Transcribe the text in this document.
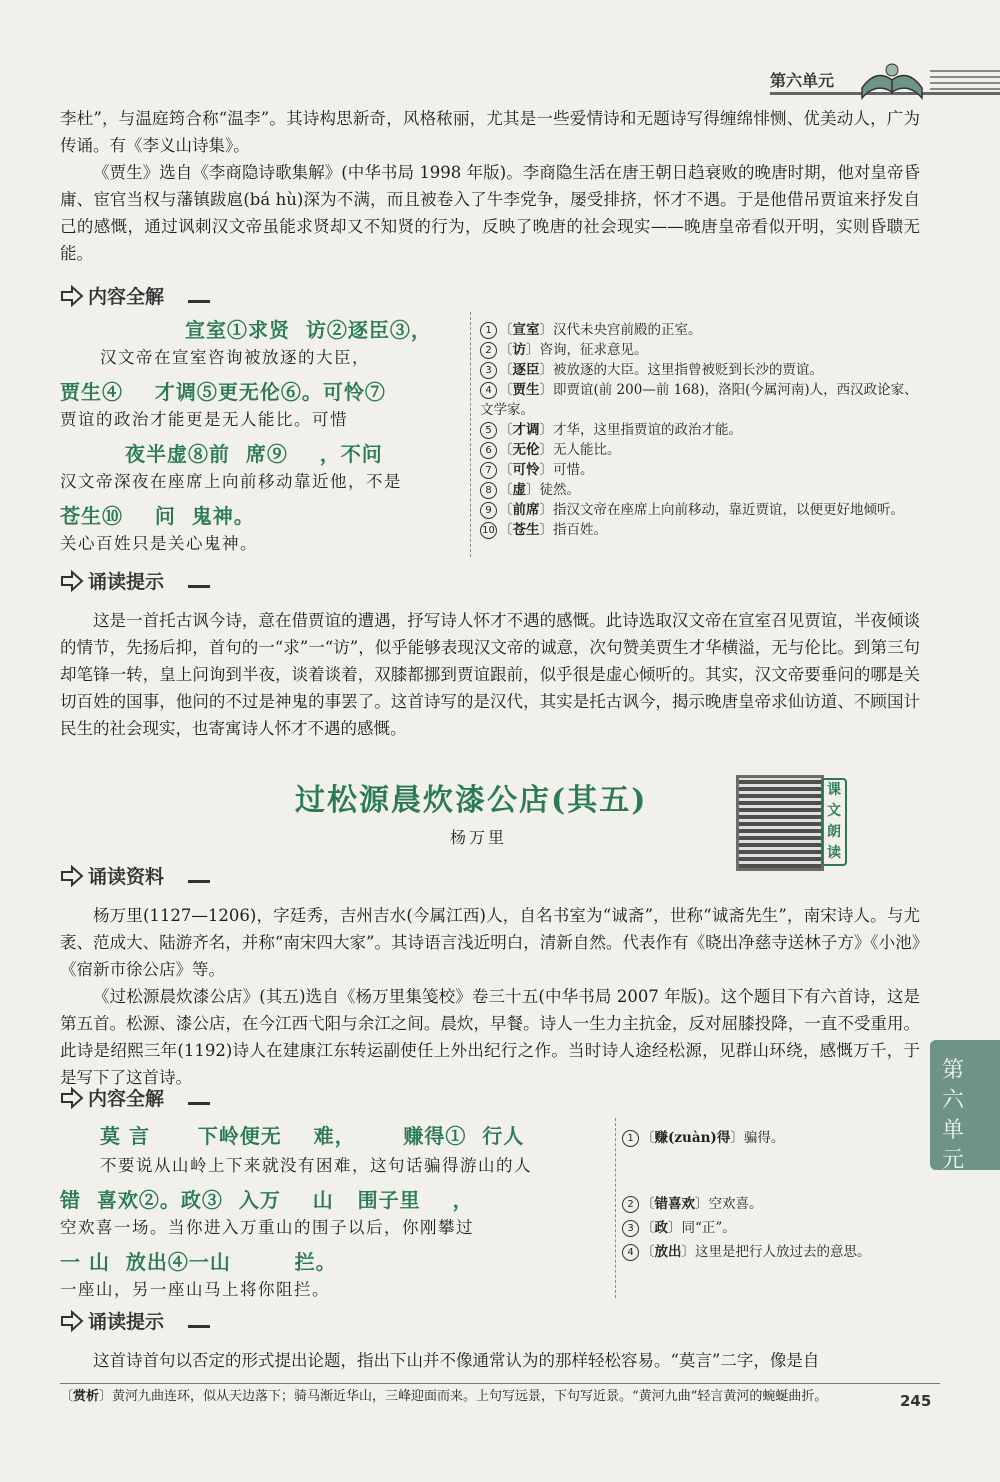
第六单元

李杜”，与温庭筠合称“温李”。其诗构思新奇，风格秾丽，尤其是一些爱情诗和无题诗写得缠绵悱恻、优美动人，广为传诵。有《李义山诗集》。

《贾生》选自《李商隐诗歌集解》(中华书局 1998 年版)。李商隐生活在唐王朝日趋衰败的晚唐时期，他对皇帝昏庸、宦官当权与藩镇跋扈(bá hù)深为不满，而且被卷入了牛李党争，屡受排挤，怀才不遇。于是他借吊贾谊来抒发自己的感慨，通过讽刺汉文帝虽能求贤却又不知贤的行为，反映了晚唐的社会现实——晚唐皇帝看似开明，实则昏聩无能。

内容全解
宣室①求贤  访②逐臣③，
汉文帝在宣室咨询被放逐的大臣，
贾生④    才调⑤更无伦⑥。可怜⑦
贾谊的政治才能更是无人能比。可惜
夜半虚⑧前  席⑨    ，不问
汉文帝深夜在座席上向前移动靠近他，不是
苍生⑩    问  鬼神。
关心百姓只是关心鬼神。
1 〔宣室〕汉代未央宫前殿的正室。
2 〔访〕咨询，征求意见。
3 〔逐臣〕被放逐的大臣。这里指曾被贬到长沙的贾谊。
4 〔贾生〕即贾谊(前 200—前 168)，洛阳(今属河南)人，西汉政论家、文学家。
5 〔才调〕才华，这里指贾谊的政治才能。
6 〔无伦〕无人能比。
7 〔可怜〕可惜。
8 〔虚〕徒然。
9 〔前席〕指汉文帝在座席上向前移动，靠近贾谊，以便更好地倾听。
10 〔苍生〕指百姓。
诵读提示

这是一首托古讽今诗，意在借贾谊的遭遇，抒写诗人怀才不遇的感慨。此诗选取汉文帝在宣室召见贾谊，半夜倾谈的情节，先扬后抑，首句的一“求”一“访”，似乎能够表现汉文帝的诚意，次句赞美贾生才华横溢，无与伦比。到第三句却笔锋一转，皇上问询到半夜，谈着谈着，双膝都挪到贾谊跟前，似乎很是虚心倾听的。其实，汉文帝要垂问的哪是关切百姓的国事，他问的不过是神鬼的事罢了。这首诗写的是汉代，其实是托古讽今，揭示晚唐皇帝求仙访道、不顾国计民生的社会现实，也寄寓诗人怀才不遇的感慨。

过松源晨炊漆公店(其五)
杨万里
课文朗读
诵读资料

杨万里(1127—1206)，字廷秀，吉州吉水(今属江西)人，自名书室为“诚斋”，世称“诚斋先生”，南宋诗人。与尤袤、范成大、陆游齐名，并称“南宋四大家”。其诗语言浅近明白，清新自然。代表作有《晓出净慈寺送林子方》《小池》《宿新市徐公店》等。

《过松源晨炊漆公店》(其五)选自《杨万里集笺校》卷三十五(中华书局 2007 年版)。这个题目下有六首诗，这是第五首。松源、漆公店，在今江西弋阳与余江之间。晨炊，早餐。诗人一生力主抗金，反对屈膝投降，一直不受重用。此诗是绍熙三年(1192)诗人在建康江东转运副使任上外出纪行之作。当时诗人途经松源，见群山环绕，感慨万千，于是写下了这首诗。

内容全解
莫 言      下岭便无    难，      赚得①  行人
不要说从山岭上下来就没有困难，这句话骗得游山的人
错  喜欢②。政③  入万    山   围子里    ，
空欢喜一场。当你进入万重山的围子以后，你刚攀过
一 山  放出④一山        拦。
一座山，另一座山马上将你阻拦。
1 〔赚(zuàn)得〕骗得。
2 〔错喜欢〕空欢喜。
3 〔政〕同“正”。
4 〔放出〕这里是把行人放过去的意思。
诵读提示

这首诗首句以否定的形式提出论题，指出下山并不像通常认为的那样轻松容易。“莫言”二字，像是自

第六单元
〔赏析〕黄河九曲连环，似从天边落下；骑马渐近华山，三峰迎面而来。上句写远景，下句写近景。“黄河九曲”轻言黄河的蜿蜒曲折。	245
